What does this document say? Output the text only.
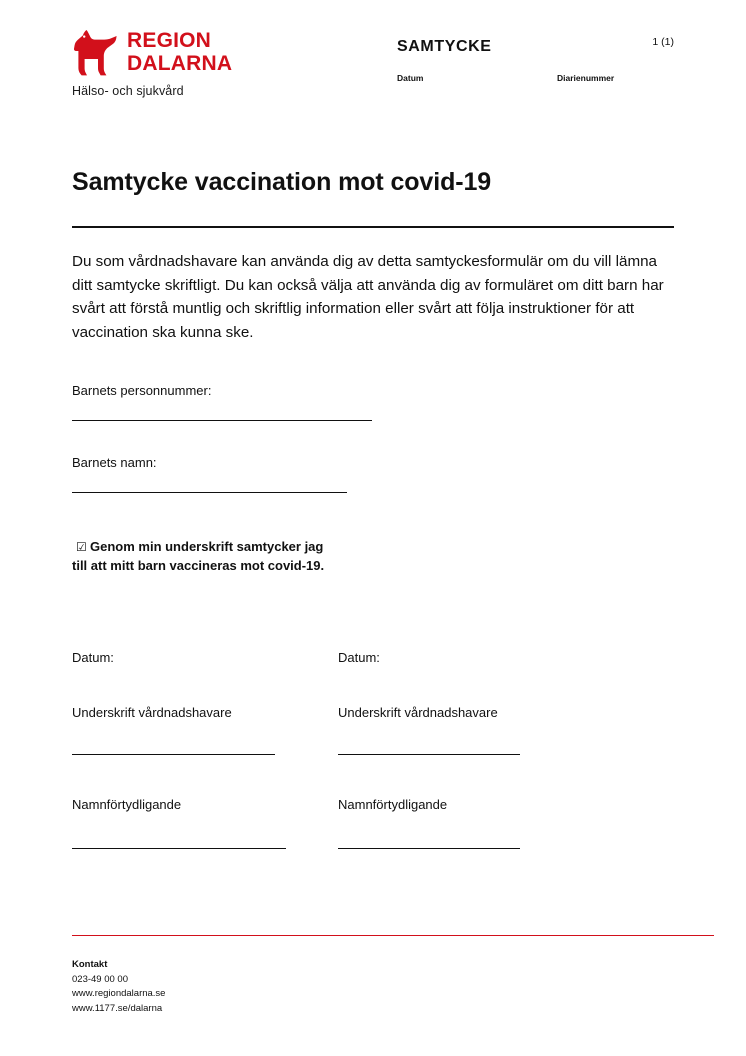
REGION
DALARNA
Hälso- och sjukvård
SAMTYCKE	1 (1)
Datum	Diarienummer
Samtycke vaccination mot covid-19
Du som vårdnadshavare kan använda dig av detta samtyckesformulär om du vill lämna ditt samtycke skriftligt. Du kan också välja att använda dig av formuläret om ditt barn har svårt att förstå muntlig och skriftlig information eller svårt att följa instruktioner för att vaccination ska kunna ske.
Barnets personnummer:
Barnets namn:
☑ Genom min underskrift samtycker jag till att mitt barn vaccineras mot covid-19.
Datum:
Underskrift vårdnadshavare
Namnförtydligande
Datum:
Underskrift vårdnadshavare
Namnförtydligande
Kontakt
023-49 00 00
www.regiondalarna.se
www.1177.se/dalarna
